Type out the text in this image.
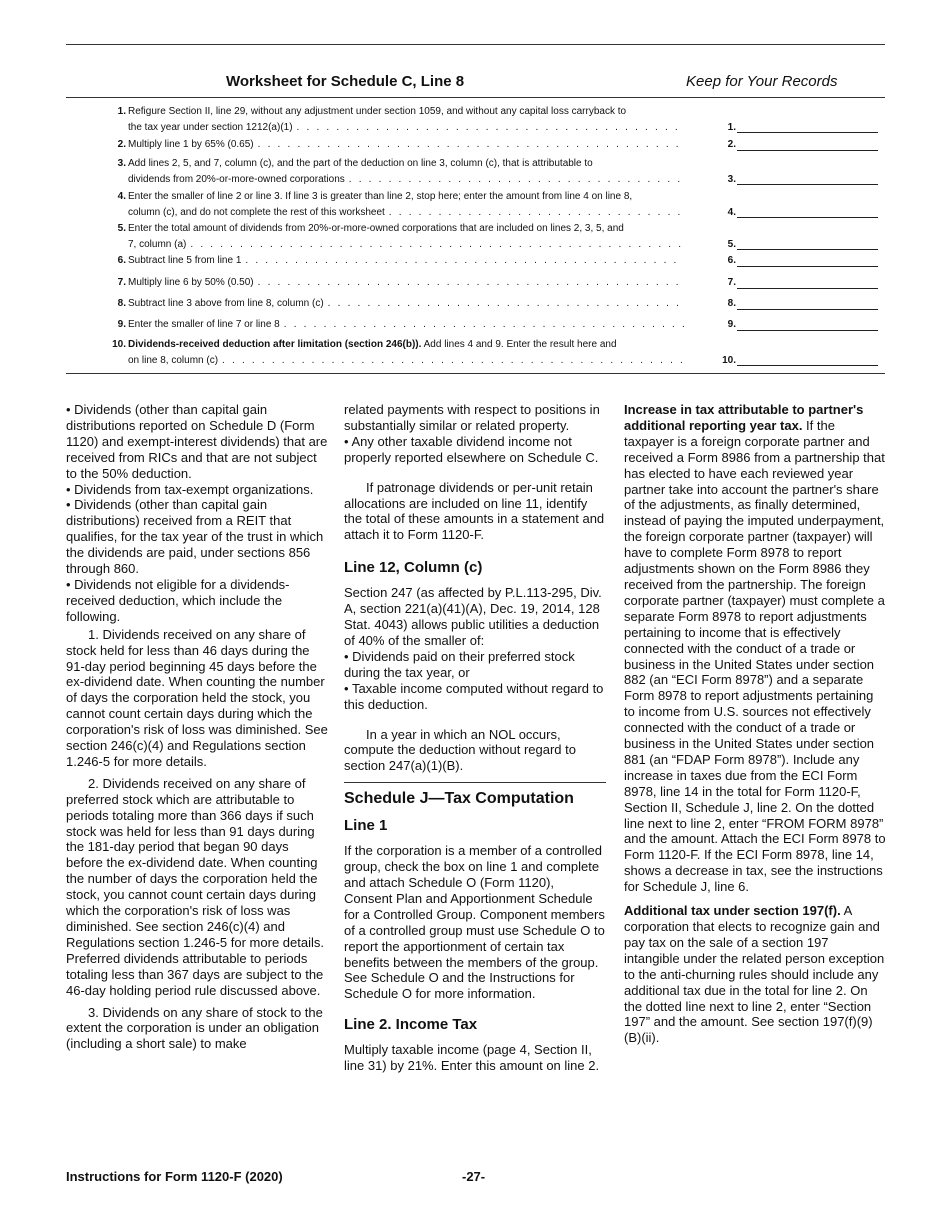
Worksheet for Schedule C, Line 8	Keep for Your Records
1. Refigure Section II, line 29, without any adjustment under section 1059, and without any capital loss carryback to
the tax year under section 1212(a)(1) . . .	1.
2. Multiply line 1 by 65% (0.65) . . .	2.
3. Add lines 2, 5, and 7, column (c), and the part of the deduction on line 3, column (c), that is attributable to
dividends from 20%-or-more-owned corporations . . .	3.
4. Enter the smaller of line 2 or line 3. If line 3 is greater than line 2, stop here; enter the amount from line 4 on line 8,
column (c), and do not complete the rest of this worksheet . . .	4.
5. Enter the total amount of dividends from 20%-or-more-owned corporations that are included on lines 2, 3, 5, and
7, column (a) . . .	5.
6. Subtract line 5 from line 1 . . .	6.
7. Multiply line 6 by 50% (0.50) . . .	7.
8. Subtract line 3 above from line 8, column (c) . . .	8.
9. Enter the smaller of line 7 or line 8 . . .	9.
10. Dividends-received deduction after limitation (section 246(b)). Add lines 4 and 9. Enter the result here and
on line 8, column (c) . . .	10.

• Dividends (other than capital gain distributions reported on Schedule D (Form 1120) and exempt-interest dividends) that are received from RICs and that are not subject to the 50% deduction.

• Dividends from tax-exempt organizations.

• Dividends (other than capital gain distributions) received from a REIT that qualifies, for the tax year of the trust in which the dividends are paid, under sections 856 through 860.

• Dividends not eligible for a dividends-received deduction, which include the following.

1. Dividends received on any share of stock held for less than 46 days during the 91-day period beginning 45 days before the ex-dividend date. When counting the number of days the corporation held the stock, you cannot count certain days during which the corporation's risk of loss was diminished. See section 246(c)(4) and Regulations section 1.246-5 for more details.

2. Dividends received on any share of preferred stock which are attributable to periods totaling more than 366 days if such stock was held for less than 91 days during the 181-day period that began 90 days before the ex-dividend date. When counting the number of days the corporation held the stock, you cannot count certain days during which the corporation's risk of loss was diminished. See section 246(c)(4) and Regulations section 1.246-5 for more details. Preferred dividends attributable to periods totaling less than 367 days are subject to the 46-day holding period rule discussed above.

3. Dividends on any share of stock to the extent the corporation is under an obligation (including a short sale) to make

related payments with respect to positions in substantially similar or related property.

• Any other taxable dividend income not properly reported elsewhere on Schedule C.

If patronage dividends or per-unit retain allocations are included on line 11, identify the total of these amounts in a statement and attach it to Form 1120-F.

Line 12, Column (c)

Section 247 (as affected by P.L.113-295, Div. A, section 221(a)(41)(A), Dec. 19, 2014, 128 Stat. 4043) allows public utilities a deduction of 40% of the smaller of:

• Dividends paid on their preferred stock during the tax year, or

• Taxable income computed without regard to this deduction.

In a year in which an NOL occurs, compute the deduction without regard to section 247(a)(1)(B).

Schedule J—Tax Computation
Line 1

If the corporation is a member of a controlled group, check the box on line 1 and complete and attach Schedule O (Form 1120), Consent Plan and Apportionment Schedule for a Controlled Group. Component members of a controlled group must use Schedule O to report the apportionment of certain tax benefits between the members of the group. See Schedule O and the Instructions for Schedule O for more information.

Line 2. Income Tax

Multiply taxable income (page 4, Section II, line 31) by 21%. Enter this amount on line 2.

Increase in tax attributable to partner's additional reporting year tax. If the taxpayer is a foreign corporate partner and received a Form 8986 from a partnership that has elected to have each reviewed year partner take into account the partner's share of the adjustments, as finally determined, instead of paying the imputed underpayment, the foreign corporate partner (taxpayer) will have to complete Form 8978 to report adjustments shown on the Form 8986 they received from the partnership. The foreign corporate partner (taxpayer) must complete a separate Form 8978 to report adjustments pertaining to income that is effectively connected with the conduct of a trade or business in the United States under section 882 (an “ECI Form 8978”) and a separate Form 8978 to report adjustments pertaining to income from U.S. sources not effectively connected with the conduct of a trade or business in the United States under section 881 (an “FDAP Form 8978”). Include any increase in taxes due from the ECI Form 8978, line 14 in the total for Form 1120-F, Section II, Schedule J, line 2. On the dotted line next to line 2, enter “FROM FORM 8978” and the amount. Attach the ECI Form 8978 to Form 1120-F. If the ECI Form 8978, line 14, shows a decrease in tax, see the instructions for Schedule J, line 6.

Additional tax under section 197(f). A corporation that elects to recognize gain and pay tax on the sale of a section 197 intangible under the related person exception to the anti-churning rules should include any additional tax due in the total for line 2. On the dotted line next to line 2, enter “Section 197” and the amount. See section 197(f)(9)(B)(ii).

Instructions for Form 1120-F (2020)	-27-
